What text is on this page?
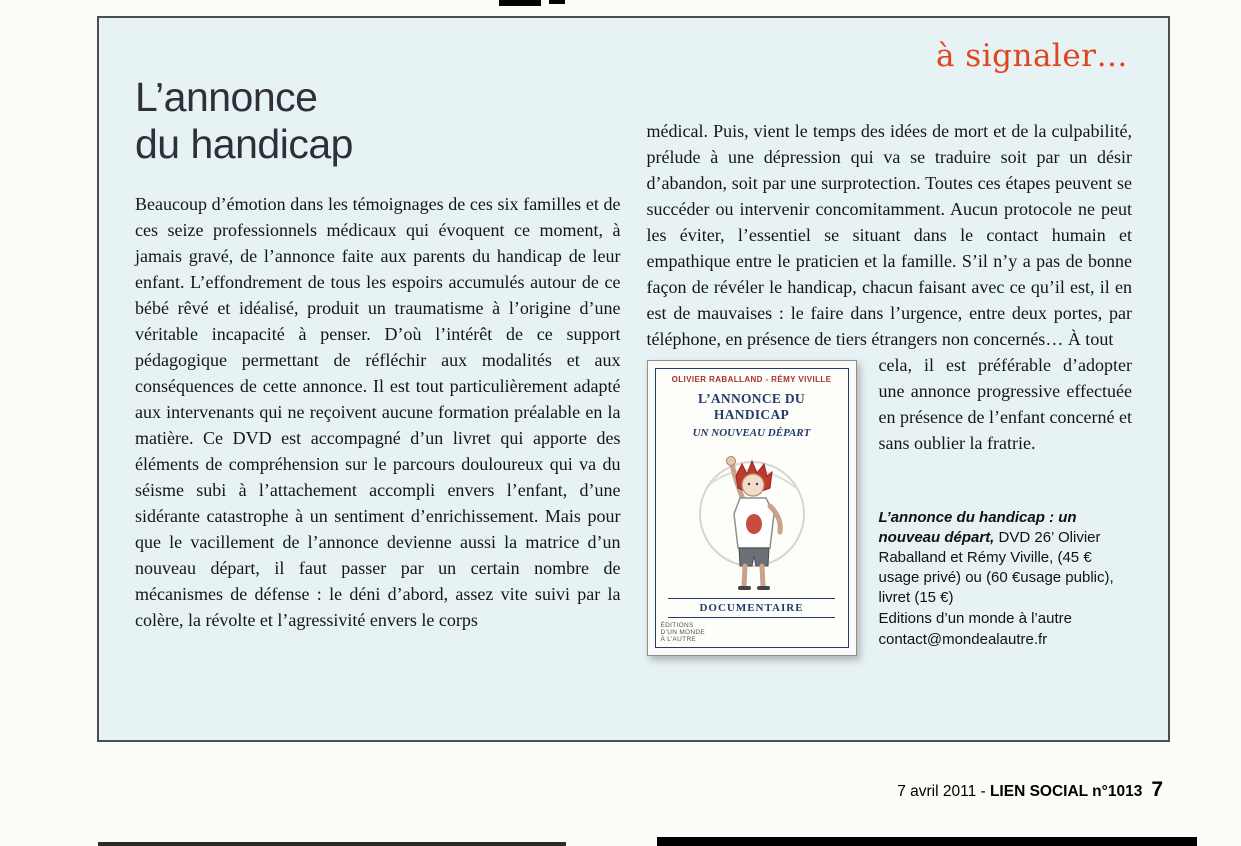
à signaler…
L’annonce
du handicap

Beaucoup d’émotion dans les témoignages de ces six familles et de ces seize professionnels médicaux qui évoquent ce moment, à jamais gravé, de l’annonce faite aux parents du handicap de leur enfant. L’effondrement de tous les espoirs accumulés autour de ce bébé rêvé et idéalisé, produit un traumatisme à l’origine d’une véritable incapacité à penser. D’où l’intérêt de ce support pédagogique permettant de réfléchir aux modalités et aux conséquences de cette annonce. Il est tout particulièrement adapté aux intervenants qui ne reçoivent aucune formation préalable en la matière. Ce DVD est accompagné d’un livret qui apporte des éléments de compréhension sur le parcours douloureux qui va du séisme subi à l’attachement accompli envers l’enfant, d’une sidérante catastrophe à un sentiment d’enrichissement. Mais pour que le vacillement de l’annonce devienne aussi la matrice d’un nouveau départ, il faut passer par un certain nombre de mécanismes de défense : le déni d’abord, assez vite suivi par la colère, la révolte et l’agressivité envers le corps

médical. Puis, vient le temps des idées de mort et de la culpabilité, prélude à une dépression qui va se traduire soit par un désir d’abandon, soit par une surprotection. Toutes ces étapes peuvent se succéder ou intervenir concomitamment. Aucun protocole ne peut les éviter, l’essentiel se situant dans le contact humain et empathique entre le praticien et la famille. S’il n’y a pas de bonne façon de révéler le handicap, chacun faisant avec ce qu’il est, il en est de mauvaises : le faire dans l’urgence, entre deux portes, par téléphone, en présence de tiers étrangers non concernés… À tout

OLIVIER RABALLAND - RÉMY VIVILLE
L’ANNONCE DU HANDICAP
UN NOUVEAU DÉPART
DOCUMENTAIRE
ÉDITIONS
D’UN MONDE
À L’AUTRE

cela, il est préférable d’adopter une annonce progressive effectuée en présence de l’enfant concerné et sans oublier la fratrie.

L’annonce du handicap : un nouveau départ, DVD 26’ Olivier Raballand et Rémy Viville, (45 € usage privé) ou (60 €usage public), livret (15 €)

Editions d’un monde à l’autre

contact@mondealautre.fr

7 avril 2011 - LIEN SOCIAL n°1013 7
